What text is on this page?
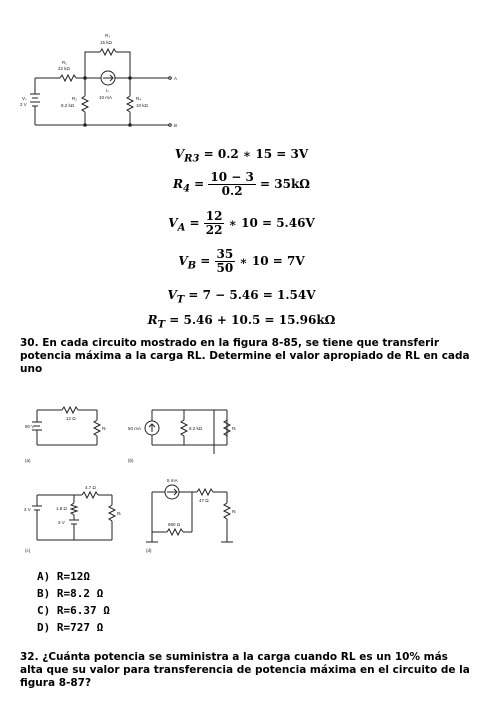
R₃
15 kΩ
R₁
22 kΩ
Vₛ
2 V
R₂
8.2 kΩ
Iₛ
10 mA	R₄
10 kΩ
A
B
$V_{R3} = 0.2$ ∗ 15 = 3V
$R_4 = \frac{10 - 3}{0.2} = 35k\Omega$
$V_A = \frac{12}{22}$ ∗ 10 = 5.46V
$V_B = \frac{35}{50}$ ∗ 10 = 7V
$V_T = 7 - 5.46 = 1.54V$
$R_T = 5.46 + 10.5 = 15.96k\Omega$
30. En cada circuito mostrado en la figura 8-85, se tiene que transferir potencia máxima a la carga RL. Determine el valor apropiado de RL en cada uno
80 V
12 Ω
Rₗ
(a)
50 mA	8.2 kΩ	Rₗ
(b)
2 V
4.7 Ω
1.8 Ω
3 V
Rₗ
(c)
5 mA
47 Ω
680 Ω
Rₗ
(d)
A) R=12Ω
B) R=8.2 Ω
C) R=6.37 Ω
D) R=727 Ω
32. ¿Cuánta potencia se suministra a la carga cuando RL es un 10% más alta que su valor para transferencia de potencia máxima en el circuito de la figura 8-87?
